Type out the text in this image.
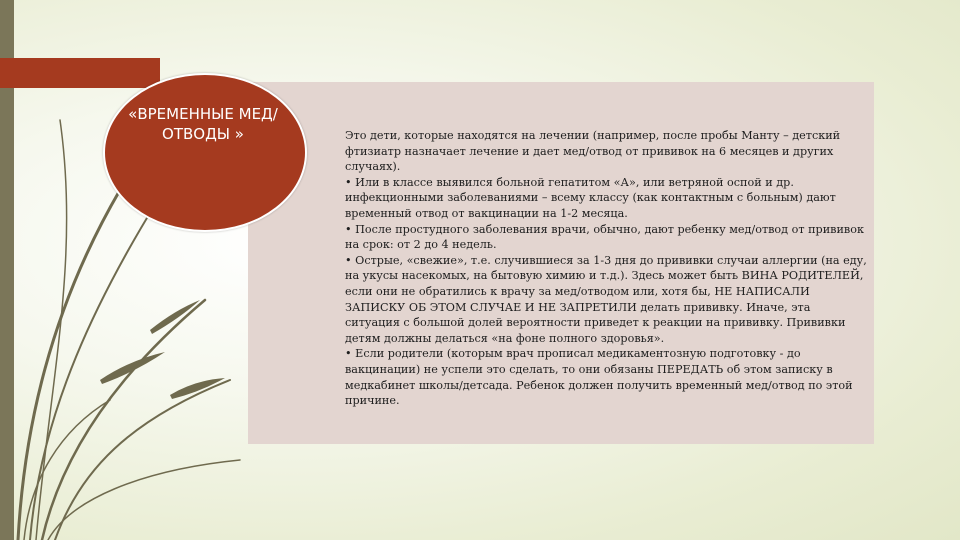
«ВРЕМЕННЫЕ МЕД/ОТВОДЫ »	Это дети, которые находятся на лечении (например, после пробы Манту – детский фтизиатр назначает лечение и дает мед/отвод от прививок на 6 месяцев и других случаях).

• Или в классе выявился больной гепатитом «А», или ветряной оспой и др. инфекционными заболеваниями – всему классу (как контактным с больным) дают временный отвод от вакцинации на 1-2 месяца.

• После простудного заболевания врачи, обычно, дают ребенку мед/отвод от прививок на срок: от 2 до 4 недель.

• Острые, «свежие», т.е. случившиеся за 1-3 дня до прививки случаи аллергии (на еду, на укусы насекомых, на бытовую химию и т.д.). Здесь может быть ВИНА РОДИТЕЛЕЙ, если они не обратились к врачу за мед/отводом или, хотя бы, НЕ НАПИСАЛИ ЗАПИСКУ ОБ ЭТОМ СЛУЧАЕ И НЕ ЗАПРЕТИЛИ делать прививку. Иначе, эта ситуация с большой долей вероятности приведет к реакции на прививку. Прививки детям должны делаться «на фоне полного здоровья».

• Если родители (которым врач прописал медикаментозную подготовку - до вакцинации) не успели это сделать, то они обязаны ПЕРЕДАТЬ об этом записку в медкабинет школы/детсада. Ребенок должен получить временный мед/отвод по этой причине.
